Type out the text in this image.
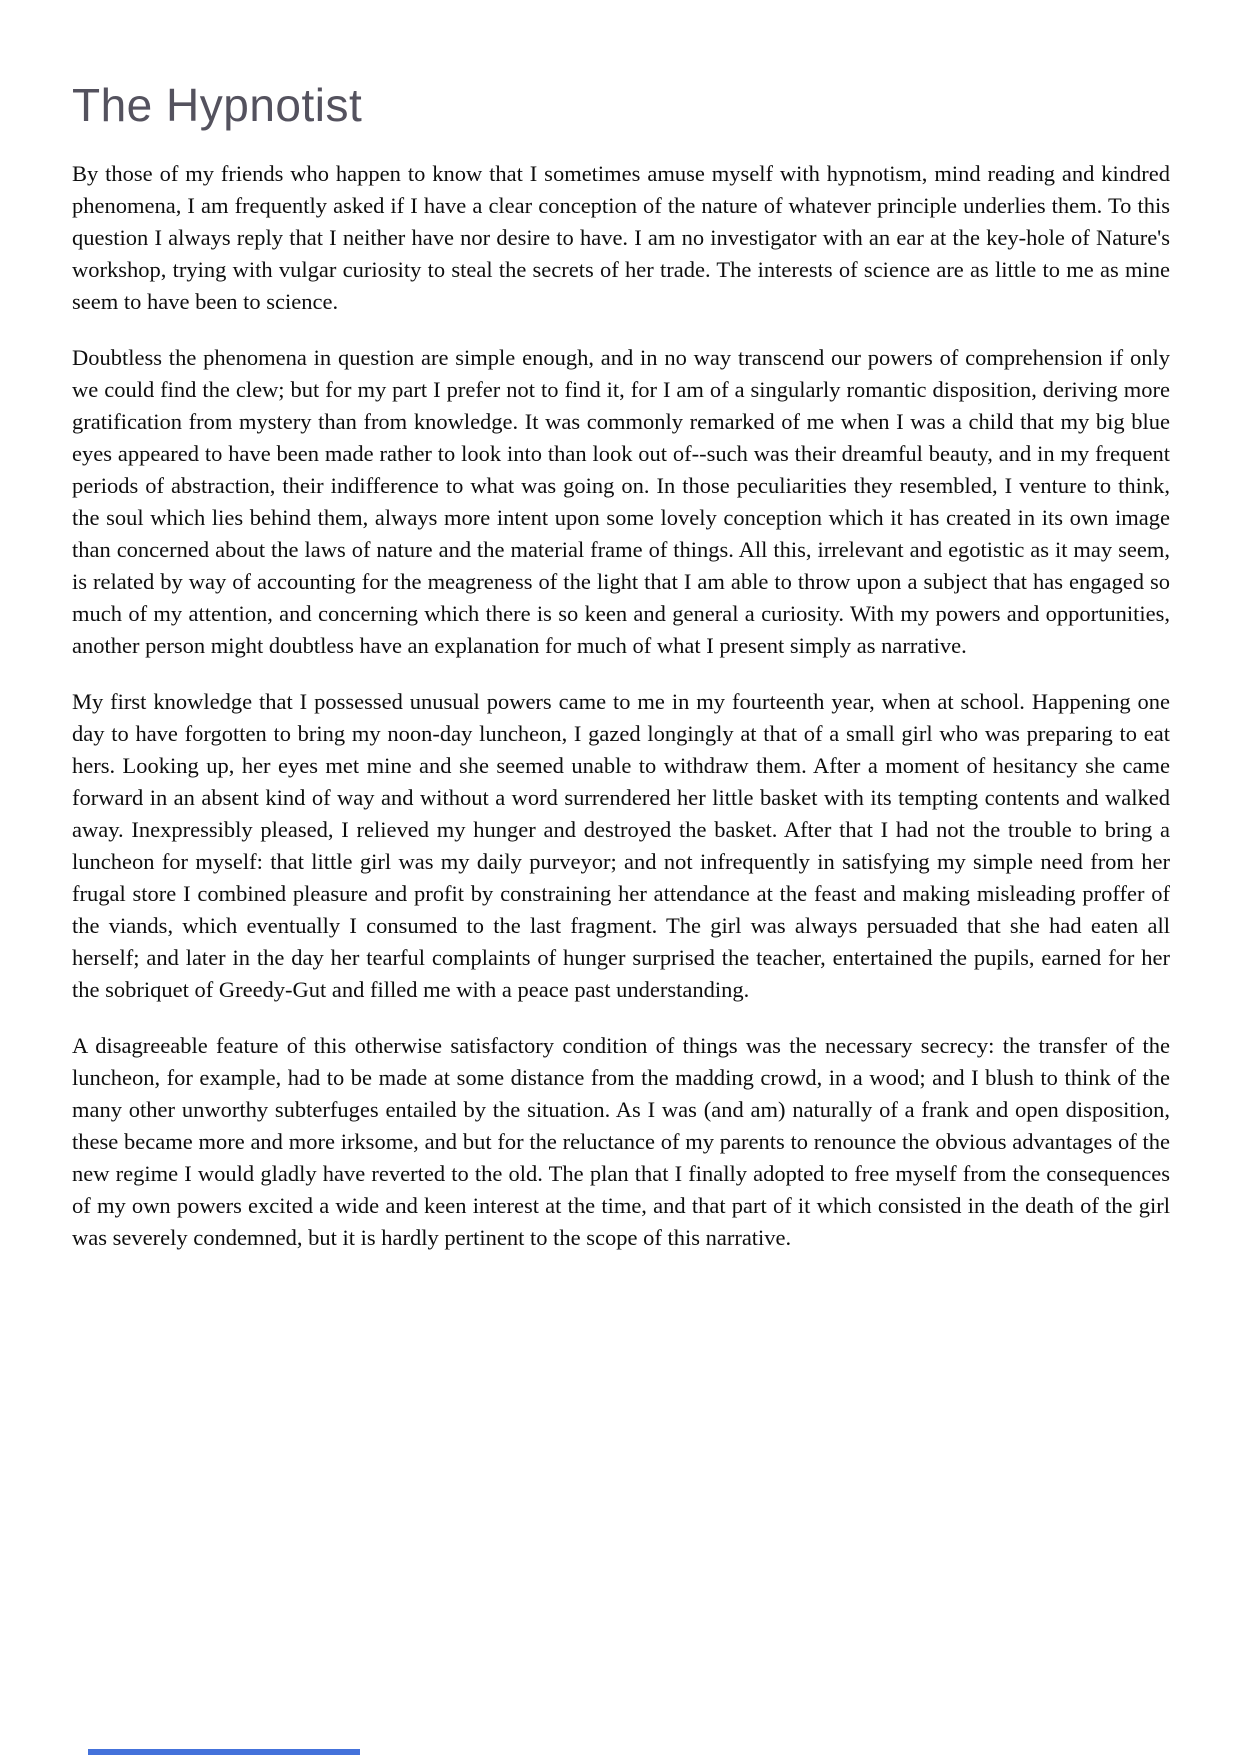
The Hypnotist

By those of my friends who happen to know that I sometimes amuse myself with hypnotism, mind reading and kindred phenomena, I am frequently asked if I have a clear conception of the nature of whatever principle underlies them. To this question I always reply that I neither have nor desire to have. I am no investigator with an ear at the key-hole of Nature's workshop, trying with vulgar curiosity to steal the secrets of her trade. The interests of science are as little to me as mine seem to have been to science.

Doubtless the phenomena in question are simple enough, and in no way transcend our powers of comprehension if only we could find the clew; but for my part I prefer not to find it, for I am of a singularly romantic disposition, deriving more gratification from mystery than from knowledge. It was commonly remarked of me when I was a child that my big blue eyes appeared to have been made rather to look into than look out of--such was their dreamful beauty, and in my frequent periods of abstraction, their indifference to what was going on. In those peculiarities they resembled, I venture to think, the soul which lies behind them, always more intent upon some lovely conception which it has created in its own image than concerned about the laws of nature and the material frame of things. All this, irrelevant and egotistic as it may seem, is related by way of accounting for the meagreness of the light that I am able to throw upon a subject that has engaged so much of my attention, and concerning which there is so keen and general a curiosity. With my powers and opportunities, another person might doubtless have an explanation for much of what I present simply as narrative.

My first knowledge that I possessed unusual powers came to me in my fourteenth year, when at school. Happening one day to have forgotten to bring my noon-day luncheon, I gazed longingly at that of a small girl who was preparing to eat hers. Looking up, her eyes met mine and she seemed unable to withdraw them. After a moment of hesitancy she came forward in an absent kind of way and without a word surrendered her little basket with its tempting contents and walked away. Inexpressibly pleased, I relieved my hunger and destroyed the basket. After that I had not the trouble to bring a luncheon for myself: that little girl was my daily purveyor; and not infrequently in satisfying my simple need from her frugal store I combined pleasure and profit by constraining her attendance at the feast and making misleading proffer of the viands, which eventually I consumed to the last fragment. The girl was always persuaded that she had eaten all herself; and later in the day her tearful complaints of hunger surprised the teacher, entertained the pupils, earned for her the sobriquet of Greedy-Gut and filled me with a peace past understanding.

A disagreeable feature of this otherwise satisfactory condition of things was the necessary secrecy: the transfer of the luncheon, for example, had to be made at some distance from the madding crowd, in a wood; and I blush to think of the many other unworthy subterfuges entailed by the situation. As I was (and am) naturally of a frank and open disposition, these became more and more irksome, and but for the reluctance of my parents to renounce the obvious advantages of the new regime I would gladly have reverted to the old. The plan that I finally adopted to free myself from the consequences of my own powers excited a wide and keen interest at the time, and that part of it which consisted in the death of the girl was severely condemned, but it is hardly pertinent to the scope of this narrative.
